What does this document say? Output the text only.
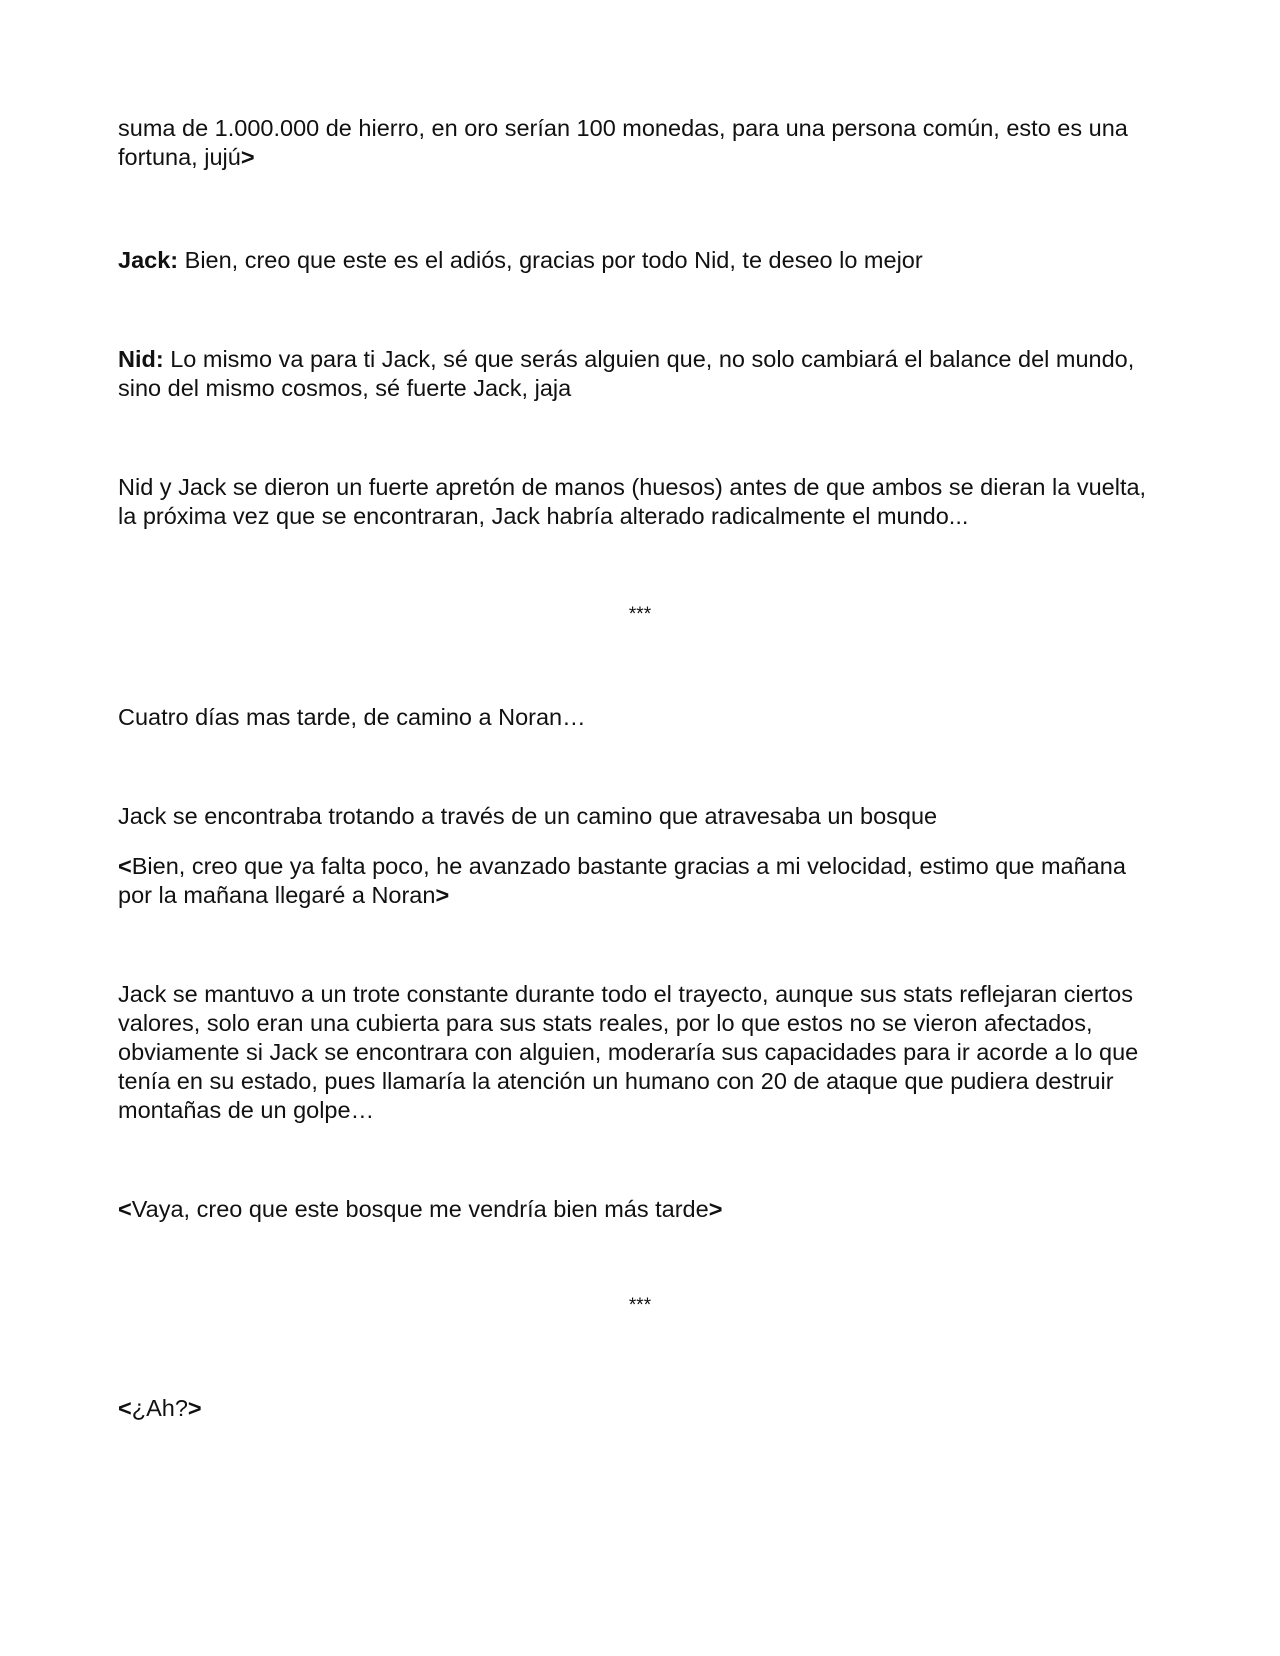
suma de 1.000.000 de hierro, en oro serían 100 monedas, para una persona común, esto es una fortuna, jujú>

Jack: Bien, creo que este es el adiós, gracias por todo Nid, te deseo lo mejor

Nid: Lo mismo va para ti Jack, sé que serás alguien que, no solo cambiará el balance del mundo, sino del mismo cosmos, sé fuerte Jack, jaja

Nid y Jack se dieron un fuerte apretón de manos (huesos) antes de que ambos se dieran la vuelta, la próxima vez que se encontraran, Jack habría alterado radicalmente el mundo...

***

Cuatro días mas tarde, de camino a Noran…

Jack se encontraba trotando a través de un camino que atravesaba un bosque

<Bien, creo que ya falta poco, he avanzado bastante gracias a mi velocidad, estimo que mañana por la mañana llegaré a Noran>

Jack se mantuvo a un trote constante durante todo el trayecto, aunque sus stats reflejaran ciertos valores, solo eran una cubierta para sus stats reales, por lo que estos no se vieron afectados, obviamente si Jack se encontrara con alguien, moderaría sus capacidades para ir acorde a lo que tenía en su estado, pues llamaría la atención un humano con 20 de ataque que pudiera destruir montañas de un golpe…

<Vaya, creo que este bosque me vendría bien más tarde>

***

<¿Ah?>
